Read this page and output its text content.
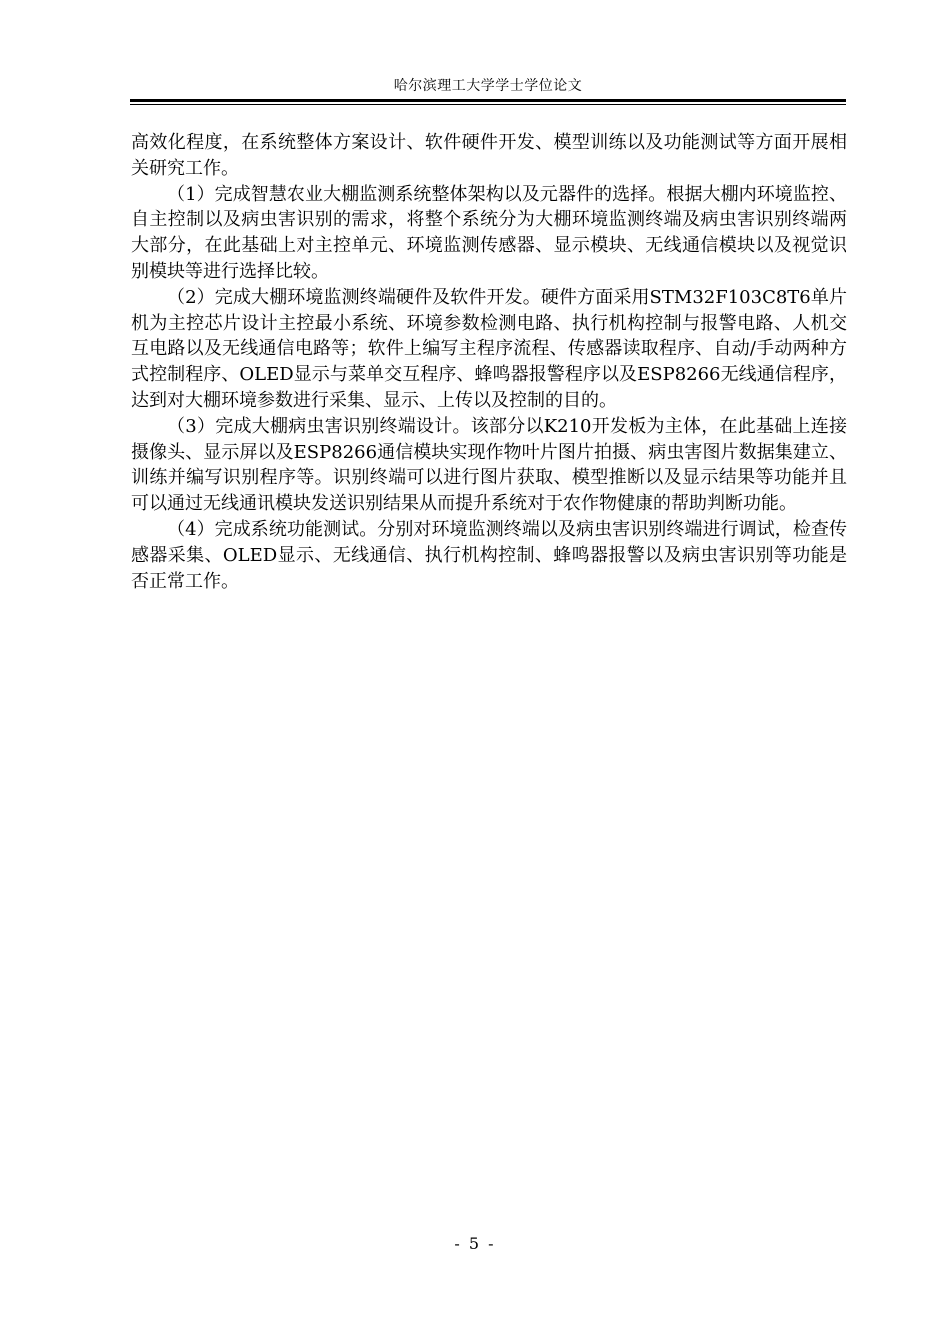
哈尔滨理工大学学士学位论文

高效化程度，在系统整体方案设计、软件硬件开发、模型训练以及功能测试等方面开展相关研究工作。

（1）完成智慧农业大棚监测系统整体架构以及元器件的选择。根据大棚内环境监控、自主控制以及病虫害识别的需求，将整个系统分为大棚环境监测终端及病虫害识别终端两大部分，在此基础上对主控单元、环境监测传感器、显示模块、无线通信模块以及视觉识别模块等进行选择比较。

（2）完成大棚环境监测终端硬件及软件开发。硬件方面采用STM32F103C8T6单片机为主控芯片设计主控最小系统、环境参数检测电路、执行机构控制与报警电路、人机交互电路以及无线通信电路等；软件上编写主程序流程、传感器读取程序、自动/手动两种方式控制程序、OLED显示与菜单交互程序、蜂鸣器报警程序以及ESP8266无线通信程序，达到对大棚环境参数进行采集、显示、上传以及控制的目的。

（3）完成大棚病虫害识别终端设计。该部分以K210开发板为主体，在此基础上连接摄像头、显示屏以及ESP8266通信模块实现作物叶片图片拍摄、病虫害图片数据集建立、训练并编写识别程序等。识别终端可以进行图片获取、模型推断以及显示结果等功能并且可以通过无线通讯模块发送识别结果从而提升系统对于农作物健康的帮助判断功能。

（4）完成系统功能测试。分别对环境监测终端以及病虫害识别终端进行调试，检查传感器采集、OLED显示、无线通信、执行机构控制、蜂鸣器报警以及病虫害识别等功能是否正常工作。

- 5 -
